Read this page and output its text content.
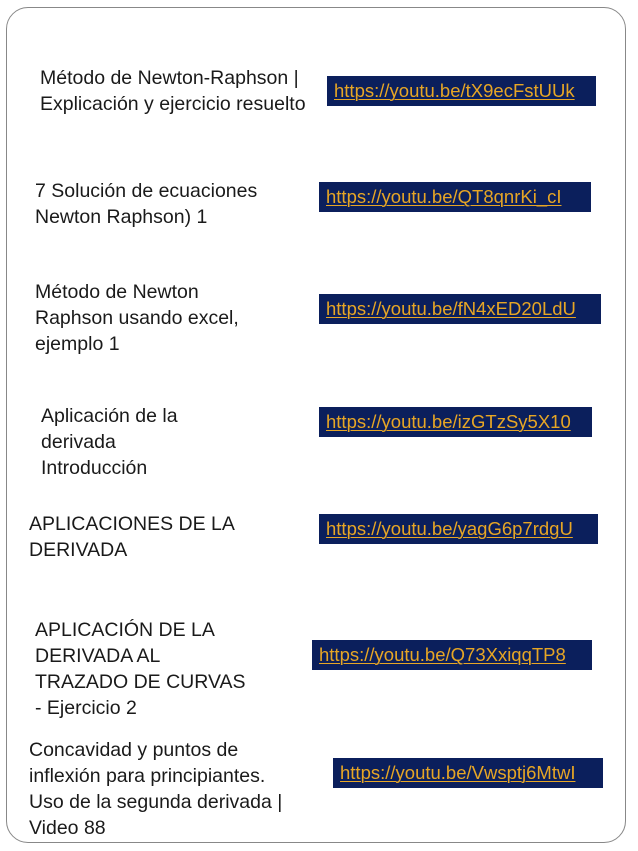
Método de Newton-Raphson |
Explicación y ejercicio resuelto

https://youtu.be/tX9ecFstUUk

7 Solución de ecuaciones
Newton Raphson) 1

https://youtu.be/QT8qnrKi_cI

Método de Newton
Raphson usando excel,
ejemplo 1

https://youtu.be/fN4xED20LdU

Aplicación de la
derivada
Introducción

https://youtu.be/izGTzSy5X10

APLICACIONES DE LA
DERIVADA

https://youtu.be/yagG6p7rdgU

APLICACIÓN DE LA
DERIVADA AL
TRAZADO DE CURVAS
- Ejercicio 2

https://youtu.be/Q73XxiqqTP8

Concavidad y puntos de
inflexión para principiantes.
Uso de la segunda derivada |
Video 88

https://youtu.be/Vwsptj6MtwI
